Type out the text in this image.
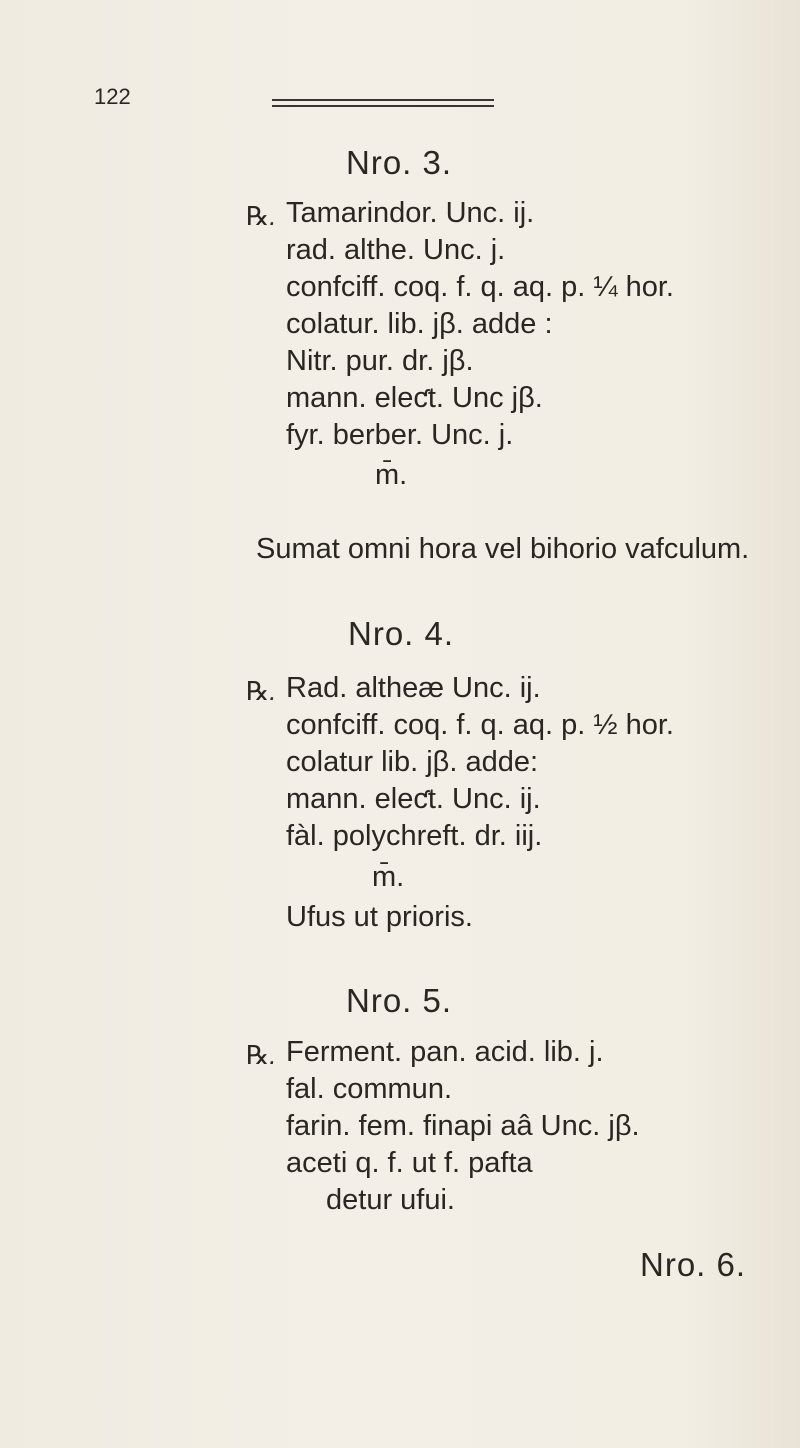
122
Nro. 3.
℞. Tamarindor. Unc. ij.
rad. althe. Unc. j.
confciff. coq. f. q. aq. p. ¼ hor.
colatur. lib. jβ. adde :
Nitr. pur. dr. jβ.
mann. eleƈt. Unc jβ.
fyr. berber. Unc. j.
m̄.
Sumat omni hora vel bihorio vafculum.
Nro. 4.
℞. Rad. altheæ Unc. ij.
confciff. coq. f. q. aq. p. ½ hor.
colatur lib. jβ. adde:
mann. eleƈt. Unc. ij.
fàl. polychreft. dr. iij.
m̄.
Ufus ut prioris.
Nro. 5.
℞. Ferment. pan. acid. lib. j.
fal. commun.
farin. fem. finapi aâ Unc. jβ.
aceti q. f. ut f. pafta
detur ufui.
Nro. 6.
